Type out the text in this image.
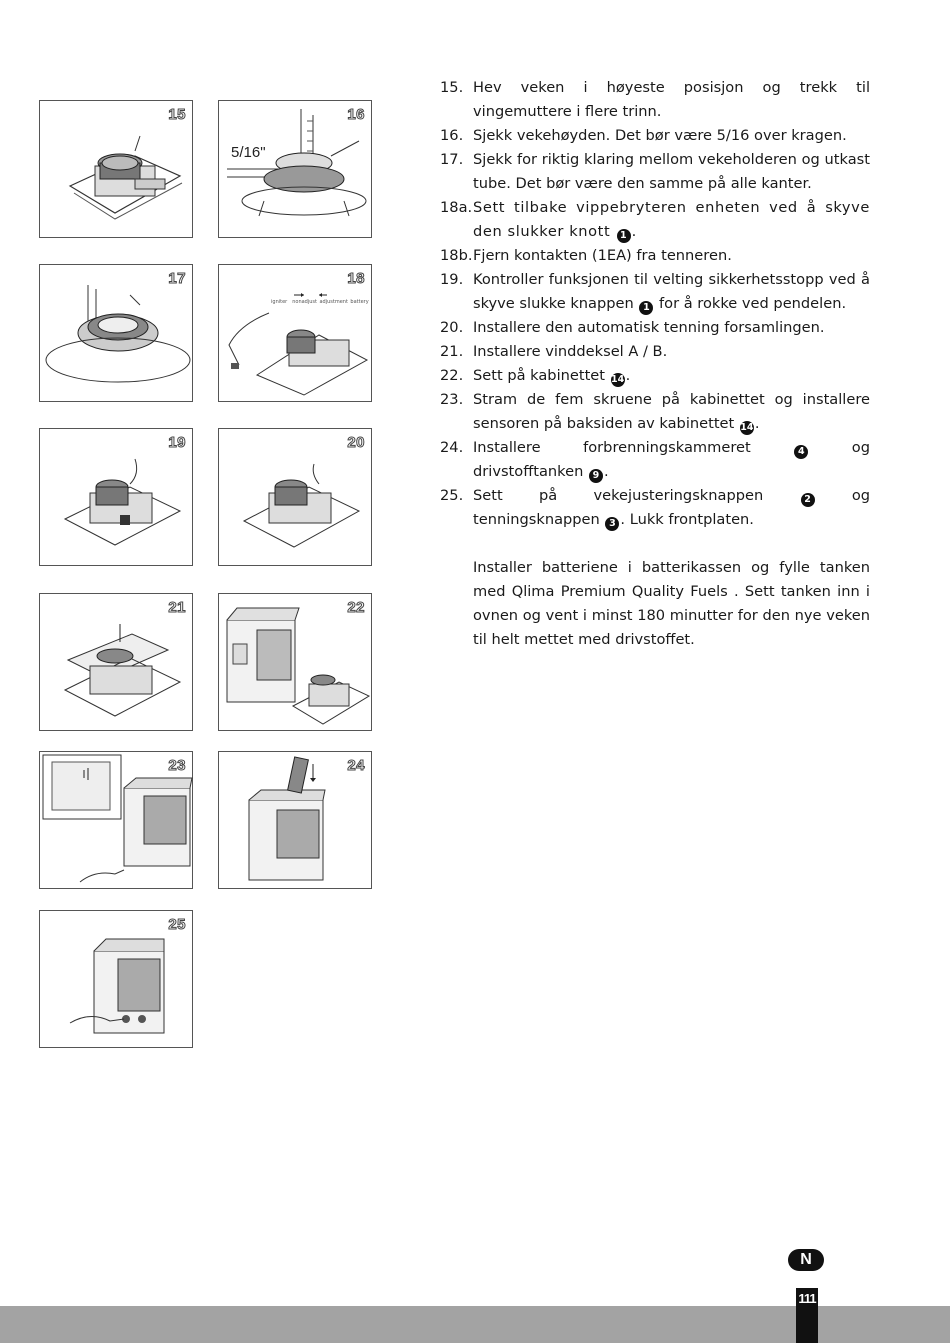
15
5/16"
16
17
igniter  nonadjust  adjustment  battery
18
19	20
21	22
23	24
25
15. Hev veken i høyeste posisjon og trekk til vingemuttere i flere trinn.
16. Sjekk vekehøyden. Det bør være 5/16 over kragen.
17. Sjekk for riktig klaring mellom vekeholderen og utkast tube. Det bør være den samme på alle kanter.
18a. Sett tilbake vippebryteren enheten ved å skyve den slukker knott 1 .
18b. Fjern kontakten (1EA) fra tenneren.
19. Kontroller funksjonen til velting sikkerhetsstopp ved å skyve slukke knappen 1 for å rokke ved pendelen.
20. Installere den automatisk tenning forsamlingen.
21. Installere vinddeksel A / B.
22. Sett på kabinettet 14.
23. Stram de fem skruene på kabinettet og installere sensoren på baksiden av kabinettet 14.
24. Installere forbrenningskammeret	4	og drivstofftanken 9 .
25. Sett på vekejusteringsknappen	2	og tenningsknappen 3 . Lukk frontplaten.
Installer batteriene i batterikassen og fylle tanken med Qlima Premium Quality Fuels . Sett tanken inn i ovnen og vent i minst 180 minutter for den nye veken til helt mettet med drivstoffet.
N
111
